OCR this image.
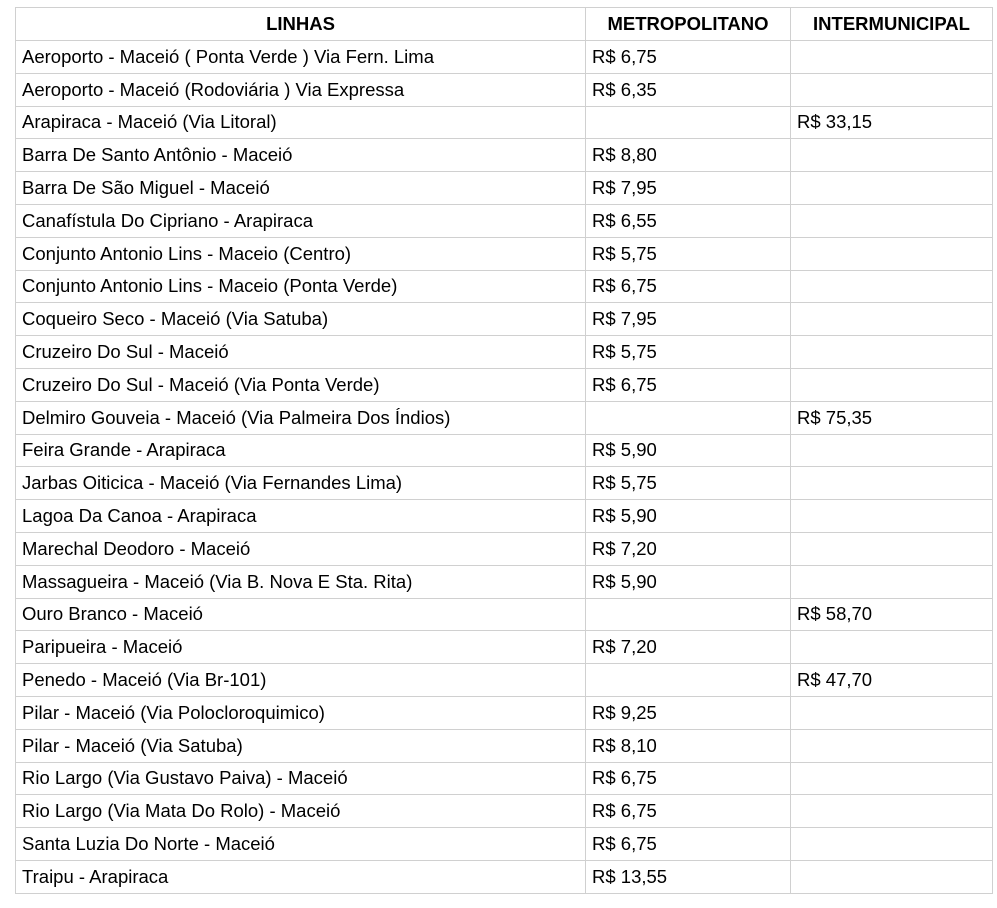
LINHAS	METROPOLITANO	INTERMUNICIPAL
Aeroporto - Maceió ( Ponta Verde ) Via Fern. Lima	R$ 6,75	
Aeroporto - Maceió (Rodoviária ) Via Expressa	R$ 6,35	
Arapiraca - Maceió (Via Litoral)		R$ 33,15
Barra De Santo Antônio - Maceió	R$ 8,80	
Barra De São Miguel - Maceió	R$ 7,95	
Canafístula Do Cipriano - Arapiraca	R$ 6,55	
Conjunto Antonio Lins - Maceio (Centro)	R$ 5,75	
Conjunto Antonio Lins - Maceio (Ponta Verde)	R$ 6,75	
Coqueiro Seco - Maceió (Via Satuba)	R$ 7,95	
Cruzeiro Do Sul - Maceió	R$ 5,75	
Cruzeiro Do Sul - Maceió (Via Ponta Verde)	R$ 6,75	
Delmiro Gouveia - Maceió (Via Palmeira Dos Índios)		R$ 75,35
Feira Grande - Arapiraca	R$ 5,90	
Jarbas Oiticica - Maceió (Via Fernandes Lima)	R$ 5,75	
Lagoa Da Canoa - Arapiraca	R$ 5,90	
Marechal Deodoro - Maceió	R$ 7,20	
Massagueira - Maceió (Via B. Nova E Sta. Rita)	R$ 5,90	
Ouro Branco - Maceió		R$ 58,70
Paripueira - Maceió	R$ 7,20	
Penedo - Maceió (Via Br-101)		R$ 47,70
Pilar - Maceió (Via Polocloroquimico)	R$ 9,25	
Pilar - Maceió (Via Satuba)	R$ 8,10	
Rio Largo (Via Gustavo Paiva) - Maceió	R$ 6,75	
Rio Largo (Via Mata Do Rolo) - Maceió	R$ 6,75	
Santa Luzia Do Norte - Maceió	R$ 6,75	
Traipu - Arapiraca	R$ 13,55	
